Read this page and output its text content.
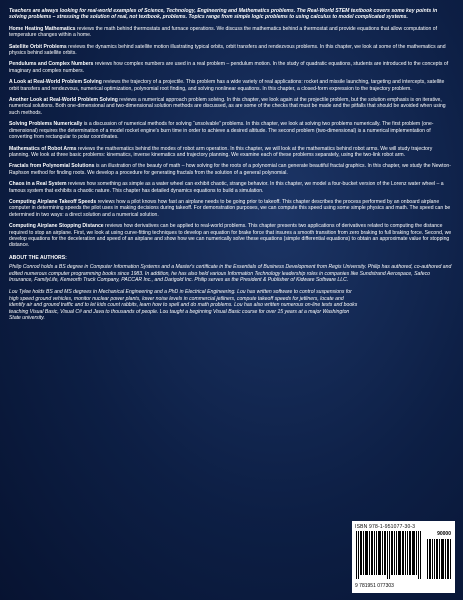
Teachers are always looking for real-world examples of Science, Technology, Engineering and Mathematics problems. The Real-World STEM textbook covers some key points in solving problems – stressing the solution of real, not textbook, problems. Topics range from simple logic problems to using calculus to model complicated systems.

Home Heating Mathematics reviews the math behind thermostats and furnace operations. We discuss the mathematics behind a thermostat and provide equations that allow computation of temperature changes within a home.

Satellite Orbit Problems reviews the dynamics behind satellite motion illustrating typical orbits, orbit transfers and rendezvous problems. In this chapter, we look at some of the mathematics and physics behind satellite orbits.

Pendulums and Complex Numbers reviews how complex numbers are used in a real problem – pendulum motion. In the study of quadratic equations, students are introduced to the concepts of imaginary and complex numbers.

A Look at Real-World Problem Solving reviews the trajectory of a projectile. This problem has a wide variety of real applications: rocket and missile launching, targeting and intercepts, satellite orbit transfers and rendezvous, numerical optimization, polynomial root finding, and solving nonlinear equations. In this chapter, a closed-form expression to the trajectory problem.

Another Look at Real-World Problem Solving reviews a numerical approach problem solving. In this chapter, we look again at the projectile problem, but the solution emphasis is on iterative, numerical solutions. Both one-dimensional and two-dimensional solution methods are discussed, as are some of the checks that must be made and the pitfalls that should be avoided when using such methods.

Solving Problems Numerically is a discussion of numerical methods for solving “unsolvable” problems. In this chapter, we look at solving two problems numerically. The first problem (one-dimensional) requires the determination of a model rocket engine's burn time in order to achieve a desired altitude. The second problem (two-dimensional) is a numerical implementation of converting from rectangular to polar coordinates.

Mathematics of Robot Arms reviews the mathematics behind the modes of robot arm operation. In this chapter, we will look at the mathematics behind robot arms. We will study trajectory planning. We look at three basic problems: kinematics, inverse kinematics and trajectory planning. We examine each of these problems separately, using the two-link robot arm.

Fractals from Polynomial Solutions is an illustration of the beauty of math – how solving for the roots of a polynomial can generate beautiful fractal graphics. In this chapter, we study the Newton-Raphson method for finding roots. We develop a procedure for generating fractals from the solution of a general polynomial.

Chaos in a Real System reviews how something as simple as a water wheel can exhibit chaotic, strange behavior. In this chapter, we model a four-bucket version of the Lorenz water wheel – a famous system that exhibits a chaotic nature. This chapter has detailed dynamics equations to build a simulation.

Computing Airplane Takeoff Speeds reviews how a pilot knows how fast an airplane needs to be going prior to takeoff. This chapter describes the process performed by an onboard airplane computer in determining speeds the pilot uses in making decisions during takeoff. For demonstration purposes, we can compute this speed using some simple physics and math. The speed can be determined in two ways: a direct solution and a numerical solution.

Computing Airplane Stopping Distance reviews how derivatives can be applied to real-world problems. This chapter presents two applications of derivatives related to computing the distance required to stop an airplane. First, we look at using curve-fitting techniques to develop an equation for brake force that insures a smooth transition from zero braking to full braking force. Second, we develop equations for the deceleration and speed of an airplane and show how we can numerically solve these equations (simple differential equations) to obtain an approximate value for stopping distance.

ABOUT THE AUTHORS:

Philip Conrod holds a BS degree in Computer Information Systems and a Master's certificate in the Essentials of Business Development from Regis University. Philip has authored, co-authored and edited numerous computer programming books since 1983. In addition, he has also held various Information Technology leadership roles in companies like Sundstrand Aerospace, Safeco Insurance, FamilyLife, Kenworth Truck Company, PACCAR Inc., and Darigold Inc. Philip serves as the President & Publisher of Kidware Software LLC.

Lou Tylee holds BS and MS degrees in Mechanical Engineering and a PhD in Electrical Engineering. Lou has written software to control suspensions for high speed ground vehicles, monitor nuclear power plants, lower noise levels in commercial jetliners, compute takeoff speeds for jetliners, locate and identify air and ground traffic and to let kids count rabbits, learn how to spell and do math problems. Lou has also written numerous on-line texts and books teaching Visual Basic, Visual C# and Java to thousands of people. Lou taught a beginning Visual Basic course for over 15 years at a major Washington State university.

ISBN 978-1-951077-30-3
90000
9 781951 077303
